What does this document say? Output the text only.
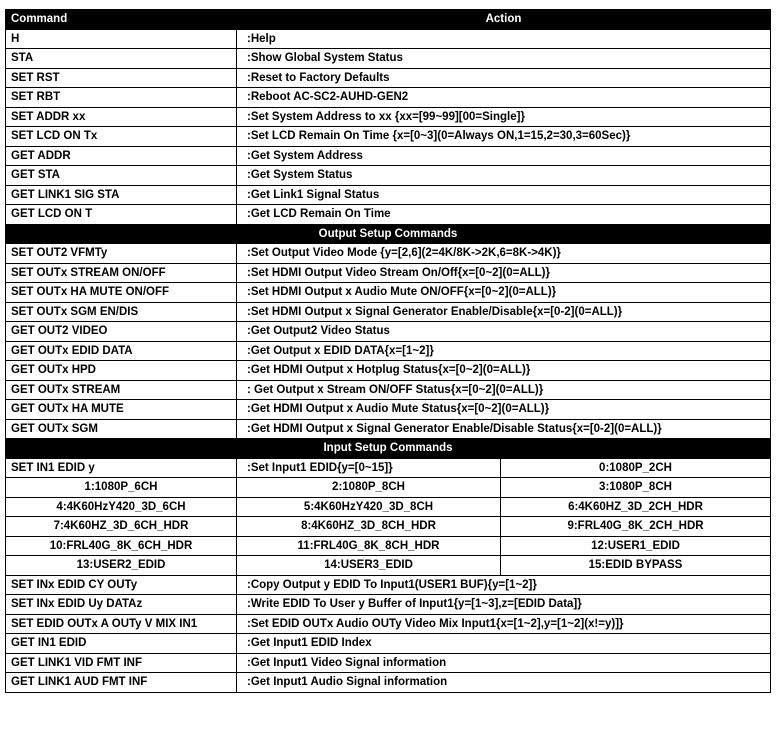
Command	Action	
H	:Help	
STA	:Show Global System Status	
SET RST	:Reset to Factory Defaults	
SET RBT	:Reboot AC-SC2-AUHD-GEN2	
SET ADDR xx	:Set System Address to xx {xx=[99~99][00=Single]}	
SET LCD ON Tx	:Set LCD Remain On Time {x=[0~3](0=Always ON,1=15,2=30,3=60Sec)}	
GET ADDR	:Get System Address	
GET STA	:Get System Status	
GET LINK1 SIG STA	:Get Link1 Signal Status	
GET LCD ON T	:Get LCD Remain On Time	
Output Setup Commands		
SET OUT2 VFMTy	:Set Output Video Mode {y=[2,6](2=4K/8K->2K,6=8K->4K)}	
SET OUTx STREAM ON/OFF	:Set HDMI Output Video Stream On/Off{x=[0~2](0=ALL)}	
SET OUTx HA MUTE ON/OFF	:Set HDMI Output x Audio Mute ON/OFF{x=[0~2](0=ALL)}	
SET OUTx SGM EN/DIS	:Set HDMI Output x Signal Generator Enable/Disable{x=[0-2](0=ALL)}	
GET OUT2 VIDEO	:Get Output2 Video Status	
GET OUTx EDID DATA	:Get Output x EDID DATA{x=[1~2]}	
GET OUTx HPD	:Get HDMI Output x Hotplug Status{x=[0~2](0=ALL)}	
GET OUTx STREAM	: Get Output x Stream ON/OFF Status{x=[0~2](0=ALL)}	
GET OUTx HA MUTE	:Get HDMI Output x Audio Mute Status{x=[0~2](0=ALL)}	
GET OUTx SGM	:Get HDMI Output x Signal Generator Enable/Disable Status{x=[0-2](0=ALL)}	
Input Setup Commands		
SET IN1 EDID y	:Set Input1 EDID{y=[0~15]}	0:1080P_2CH
1:1080P_6CH	2:1080P_8CH	3:1080P_8CH
4:4K60HzY420_3D_6CH	5:4K60HzY420_3D_8CH	6:4K60HZ_3D_2CH_HDR
7:4K60HZ_3D_6CH_HDR	8:4K60HZ_3D_8CH_HDR	9:FRL40G_8K_2CH_HDR
10:FRL40G_8K_6CH_HDR	11:FRL40G_8K_8CH_HDR	12:USER1_EDID
13:USER2_EDID	14:USER3_EDID	15:EDID BYPASS
SET INx EDID CY OUTy	:Copy Output y EDID To Input1(USER1 BUF){y=[1~2]}	
SET INx EDID Uy DATAz	:Write EDID To User y Buffer of Input1{y=[1~3],z=[EDID Data]}	
SET EDID OUTx A OUTy V MIX IN1	:Set EDID OUTx Audio OUTy Video Mix Input1{x=[1~2],y=[1~2](x!=y)]}	
GET IN1 EDID	:Get Input1 EDID Index	
GET LINK1 VID FMT INF	:Get Input1 Video Signal information	
GET LINK1 AUD FMT INF	:Get Input1 Audio Signal information	
